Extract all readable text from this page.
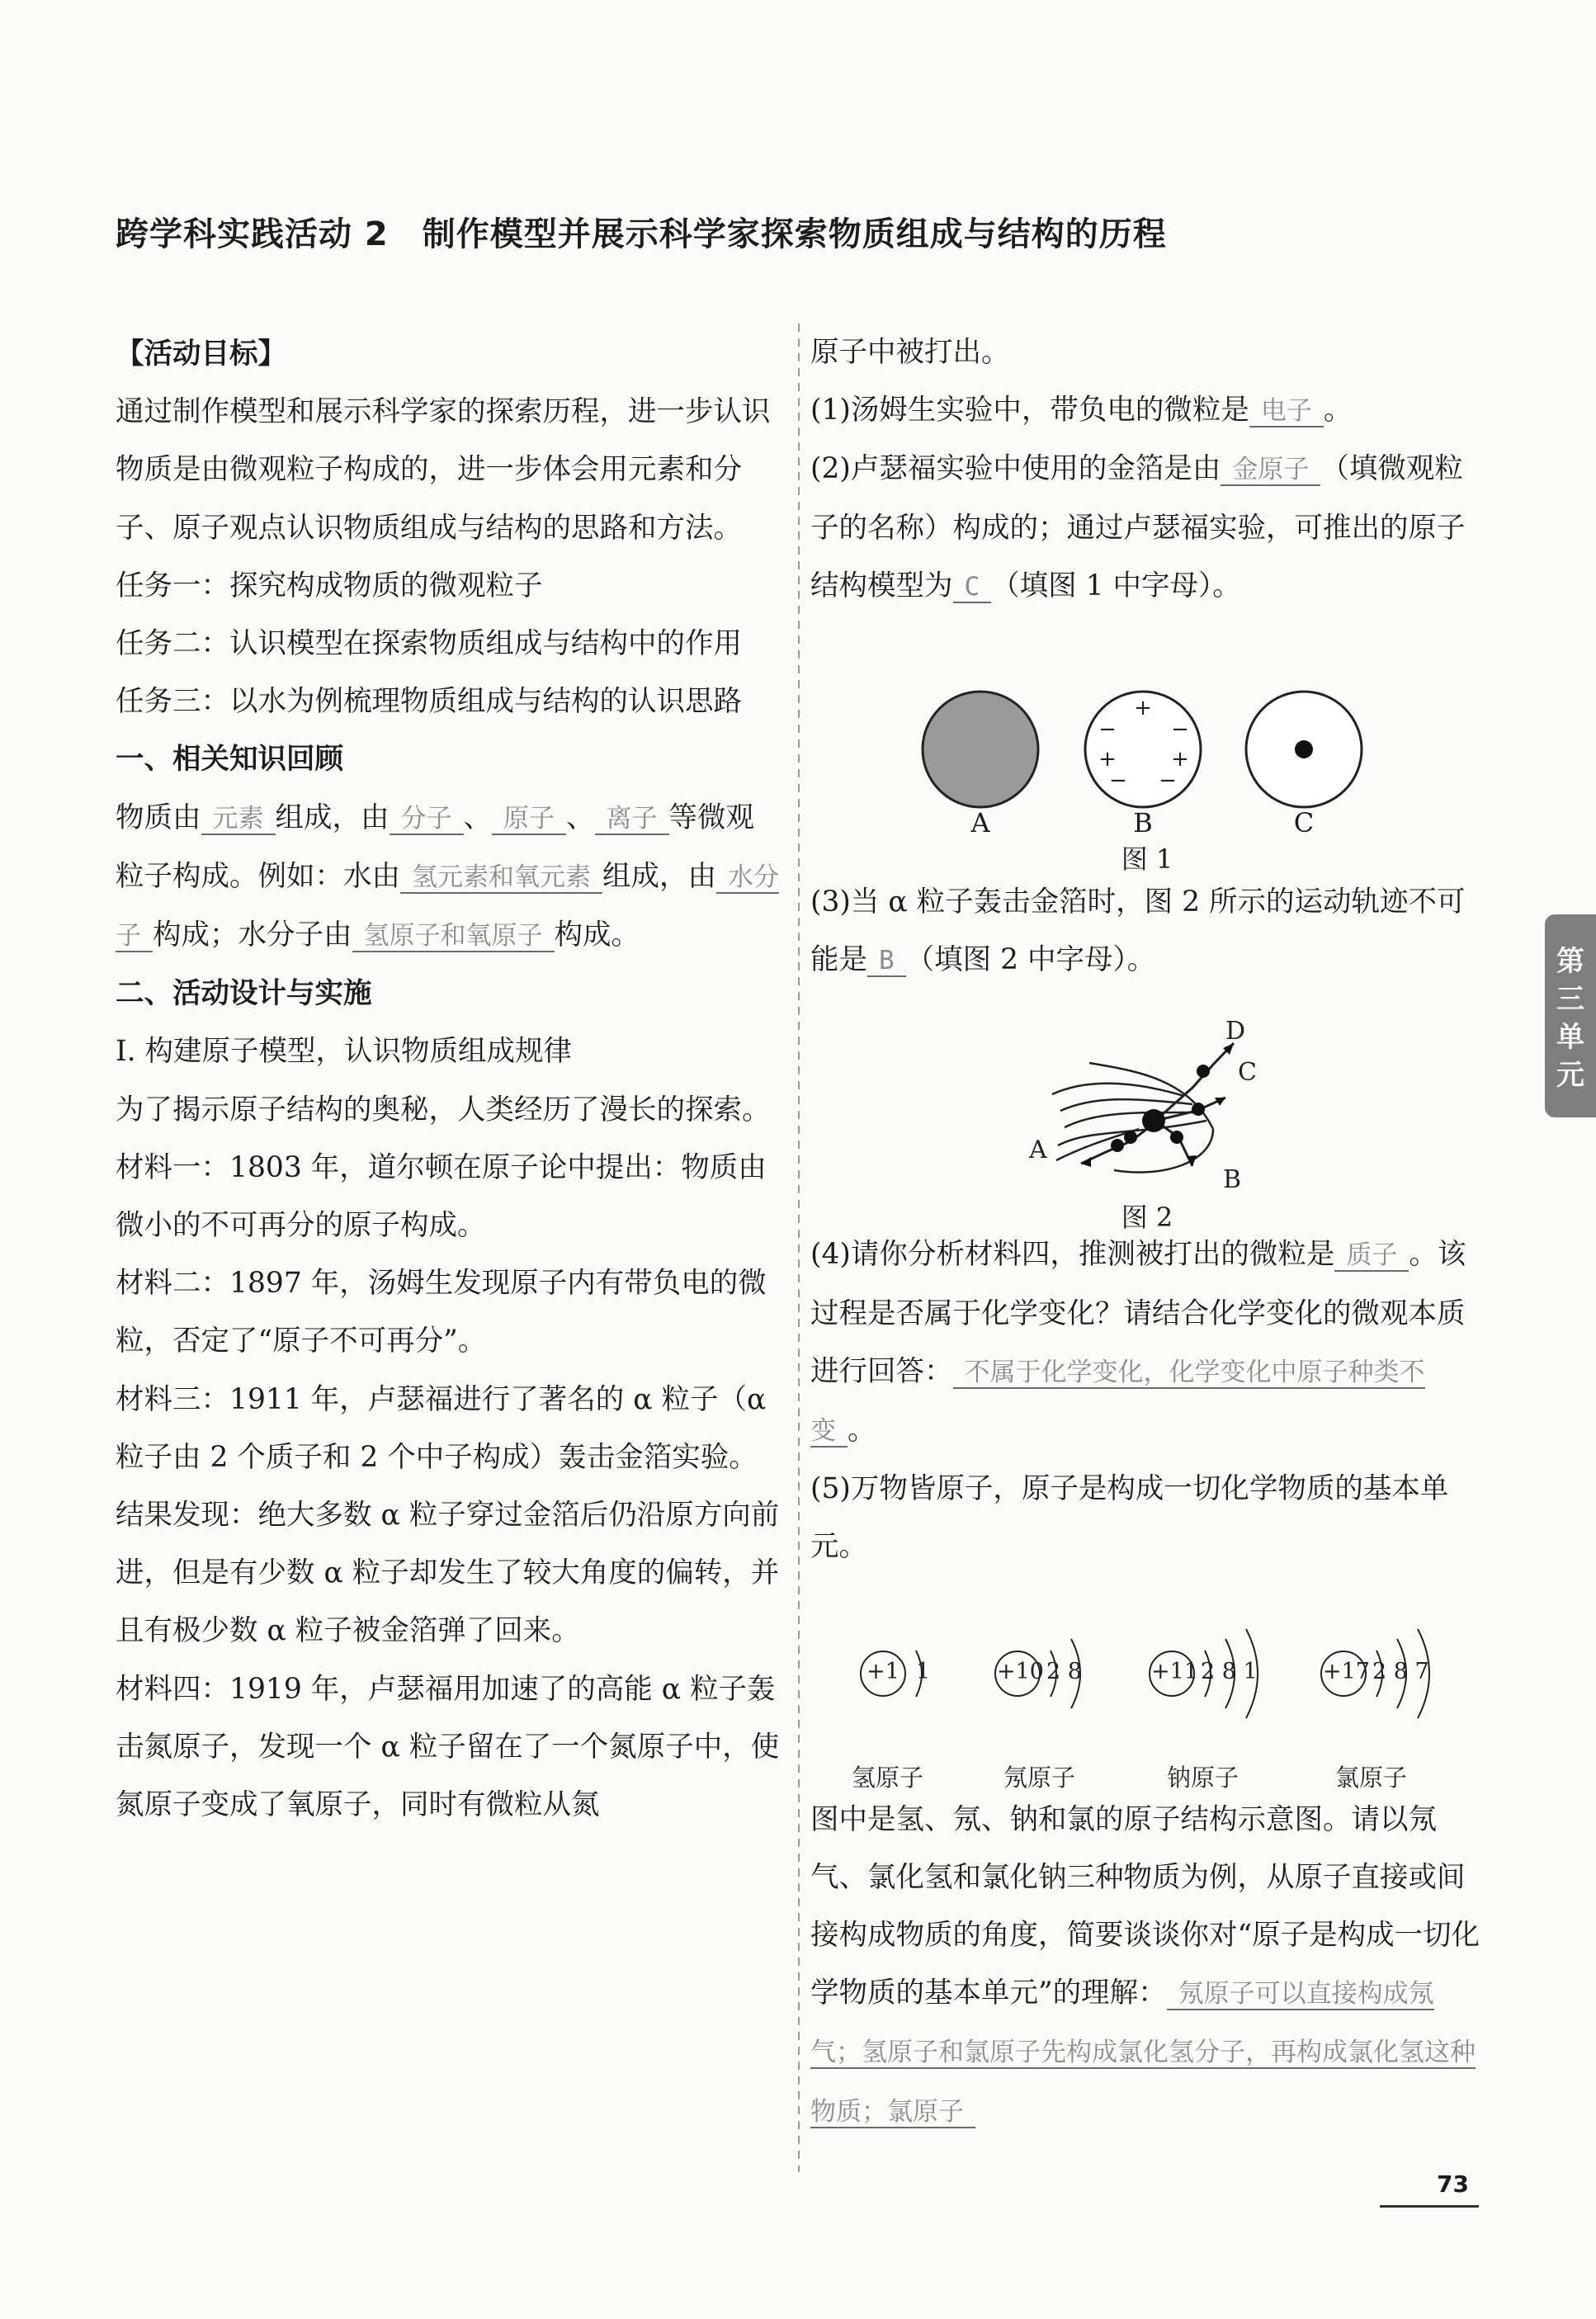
跨学科实践活动 2　制作模型并展示科学家探索物质组成与结构的历程

【活动目标】

通过制作模型和展示科学家的探索历程，进一步认识物质是由微观粒子构成的，进一步体会用元素和分子、原子观点认识物质组成与结构的思路和方法。

任务一：探究构成物质的微观粒子

任务二：认识模型在探索物质组成与结构中的作用

任务三：以水为例梳理物质组成与结构的认识思路

一、相关知识回顾

物质由 元素 组成，由 分子 、 原子 、 离子 等微观粒子构成。例如：水由 氢元素和氧元素 组成，由 水分子 构成；水分子由 氢原子和氧原子 构成。

二、活动设计与实施

Ⅰ. 构建原子模型，认识物质组成规律

为了揭示原子结构的奥秘，人类经历了漫长的探索。

材料一：1803 年，道尔顿在原子论中提出：物质由微小的不可再分的原子构成。

材料二：1897 年，汤姆生发现原子内有带负电的微粒，否定了“原子不可再分”。

材料三：1911 年，卢瑟福进行了著名的 α 粒子（α 粒子由 2 个质子和 2 个中子构成）轰击金箔实验。结果发现：绝大多数 α 粒子穿过金箔后仍沿原方向前进，但是有少数 α 粒子却发生了较大角度的偏转，并且有极少数 α 粒子被金箔弹了回来。

材料四：1919 年，卢瑟福用加速了的高能 α 粒子轰击氮原子，发现一个 α 粒子留在了一个氮原子中，使氮原子变成了氧原子，同时有微粒从氮

原子中被打出。

(1)汤姆生实验中，带负电的微粒是 电子 。

(2)卢瑟福实验中使用的金箔是由 金原子 （填微观粒子的名称）构成的；通过卢瑟福实验，可推出的原子结构模型为 C （填图 1 中字母）。

(3)当 α 粒子轰击金箔时，图 2 所示的运动轨迹不可能是 B （填图 2 中字母）。

(4)请你分析材料四，推测被打出的微粒是 质子 。该过程是否属于化学变化？请结合化学变化的微观本质进行回答： 不属于化学变化，化学变化中原子种类不变 。

(5)万物皆原子，原子是构成一切化学物质的基本单元。

图中是氢、氖、钠和氯的原子结构示意图。请以氖气、氯化氢和氯化钠三种物质为例，从原子直接或间接构成物质的角度，简要谈谈你对“原子是构成一切化学物质的基本单元”的理解： 氖原子可以直接构成氖气；氢原子和氯原子先构成氯化氢分子，再构成氯化氢这种物质；氯原子

+
−	−
+	+
− −
A	B	C
图 1
D
C
A
B
图 2
+1 1	+10 2 8	+11 2 8 1	+17 2 8 7
氢原子	氖原子	钠原子	氯原子
第三单元
73
